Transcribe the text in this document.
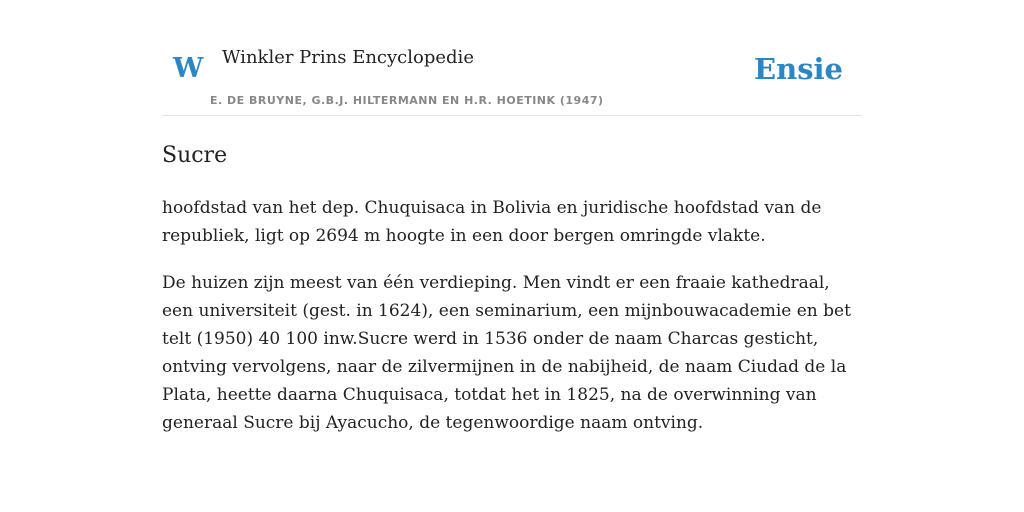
W Winkler Prins Encyclopedie
E. DE BRUYNE, G.B.J. HILTERMANN EN H.R. HOETINK (1947)
Ensie
Sucre

hoofdstad van het dep. Chuquisaca in Bolivia en juridische hoofdstad van de republiek, ligt op 2694 m hoogte in een door bergen omringde vlakte.

De huizen zijn meest van één verdieping. Men vindt er een fraaie kathedraal, een universiteit (gest. in 1624), een seminarium, een mijnbouwacademie en bet telt (1950) 40 100 inw.Sucre werd in 1536 onder de naam Charcas gesticht, ontving vervolgens, naar de zilvermijnen in de nabijheid, de naam Ciudad de la Plata, heette daarna Chuquisaca, totdat het in 1825, na de overwinning van generaal Sucre bij Ayacucho, de tegenwoordige naam ontving.
